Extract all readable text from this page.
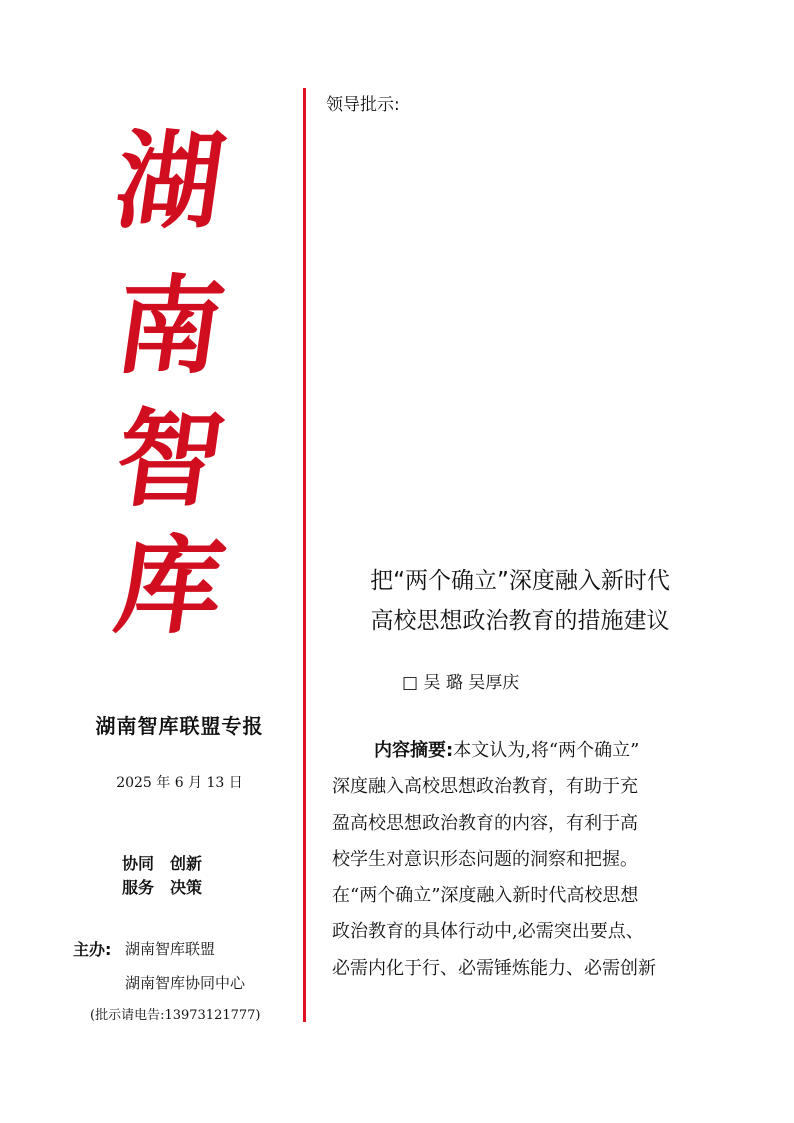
湖
南
智
库
湖南智库联盟专报
2025 年 6 月 13 日
协同　创新
服务　决策
主办: 湖南智库联盟
湖南智库协同中心
(批示请电告:13973121777)
领导批示:
把“两个确立”深度融入新时代
高校思想政治教育的措施建议
□ 吴 璐 吴厚庆
内容摘要:本文认为,将“两个确立”
深度融入高校思想政治教育，有助于充
盈高校思想政治教育的内容，有利于高
校学生对意识形态问题的洞察和把握。
在“两个确立”深度融入新时代高校思想
政治教育的具体行动中,必需突出要点、
必需内化于行、必需锤炼能力、必需创新
